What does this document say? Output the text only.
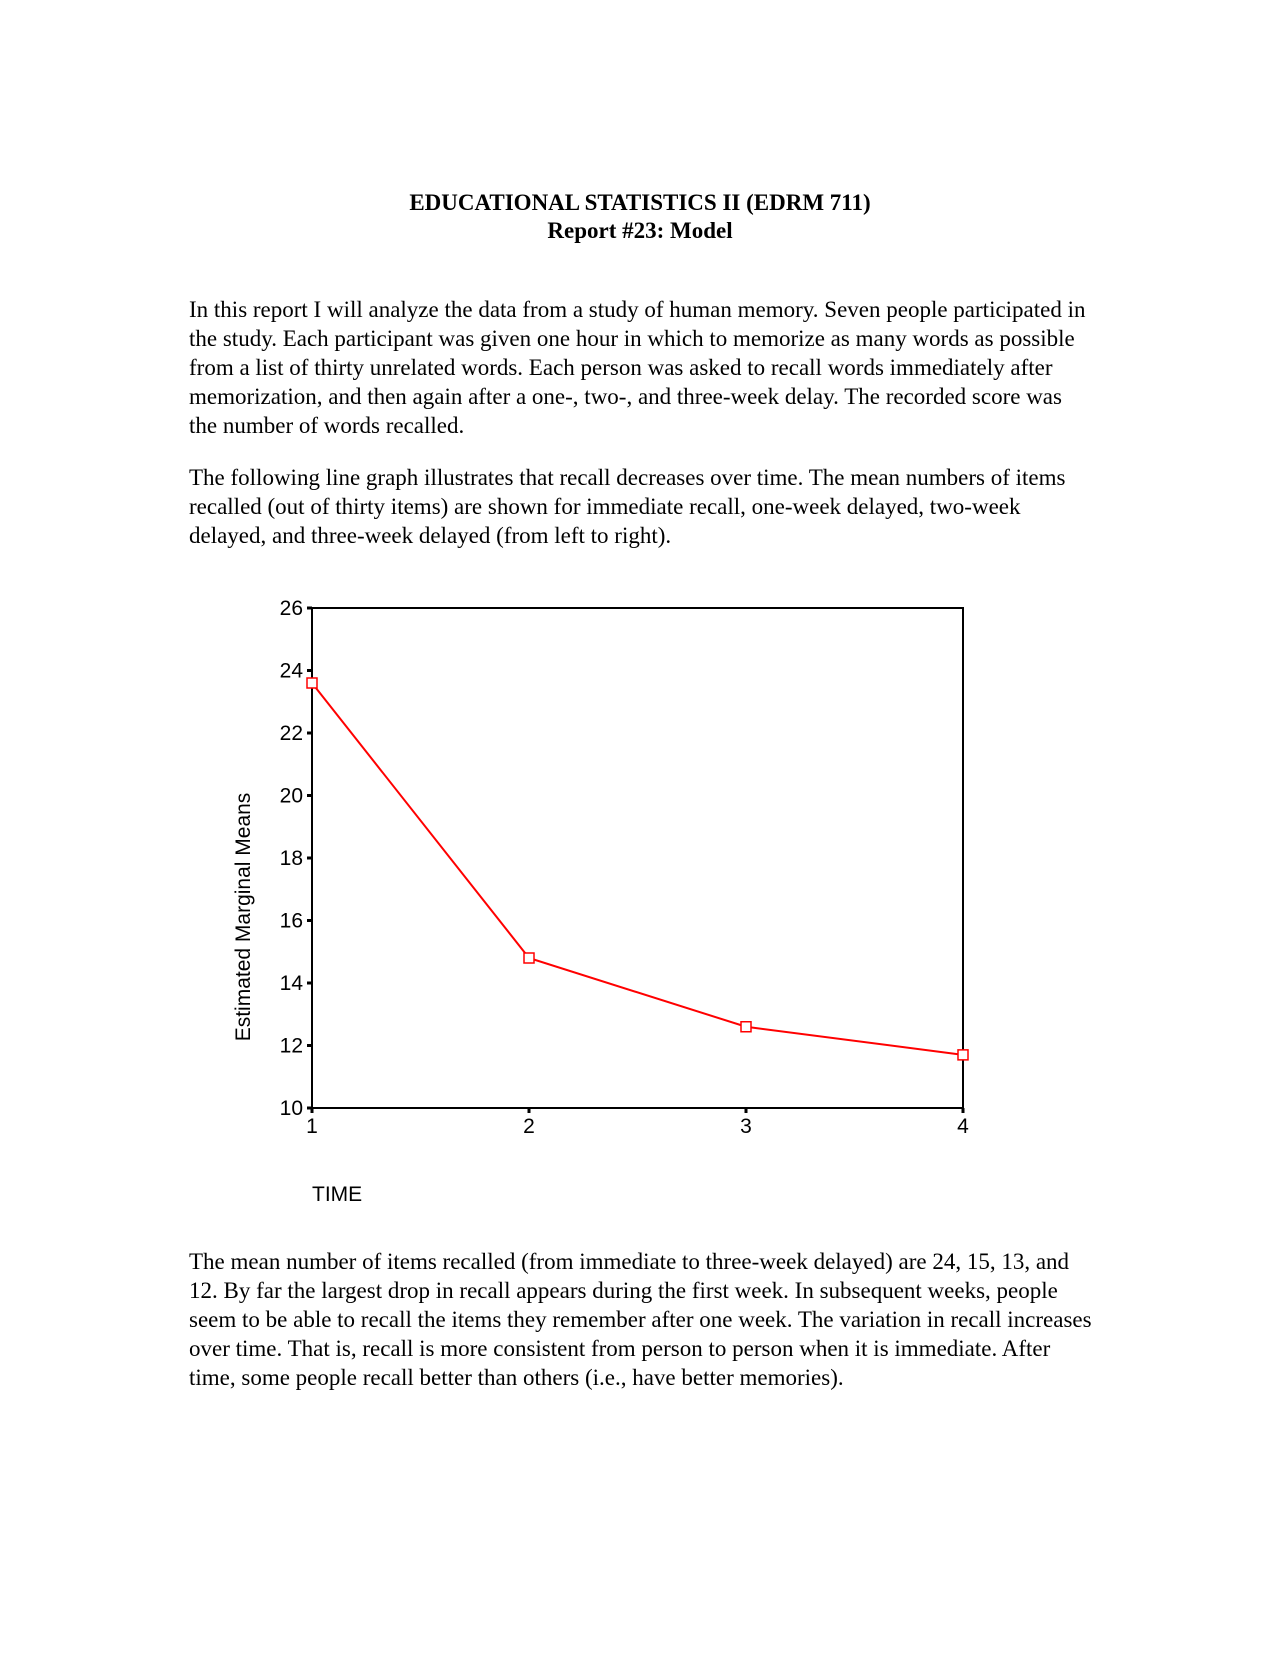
EDUCATIONAL STATISTICS II (EDRM 711)
Report #23: Model

In this report I will analyze the data from a study of human memory. Seven people participated in the study. Each participant was given one hour in which to memorize as many words as possible from a list of thirty unrelated words. Each person was asked to recall words immediately after memorization, and then again after a one-, two-, and three-week delay. The recorded score was the number of words recalled.

The following line graph illustrates that recall decreases over time. The mean numbers of items recalled (out of thirty items) are shown for immediate recall, one-week delayed, two-week delayed, and three-week delayed (from left to right).

10
12
14
16
18
20
22
24
26
1	2	3	4
Estimated Marginal Means
TIME

The mean number of items recalled (from immediate to three-week delayed) are 24, 15, 13, and 12. By far the largest drop in recall appears during the first week. In subsequent weeks, people seem to be able to recall the items they remember after one week. The variation in recall increases over time. That is, recall is more consistent from person to person when it is immediate. After time, some people recall better than others (i.e., have better memories).
